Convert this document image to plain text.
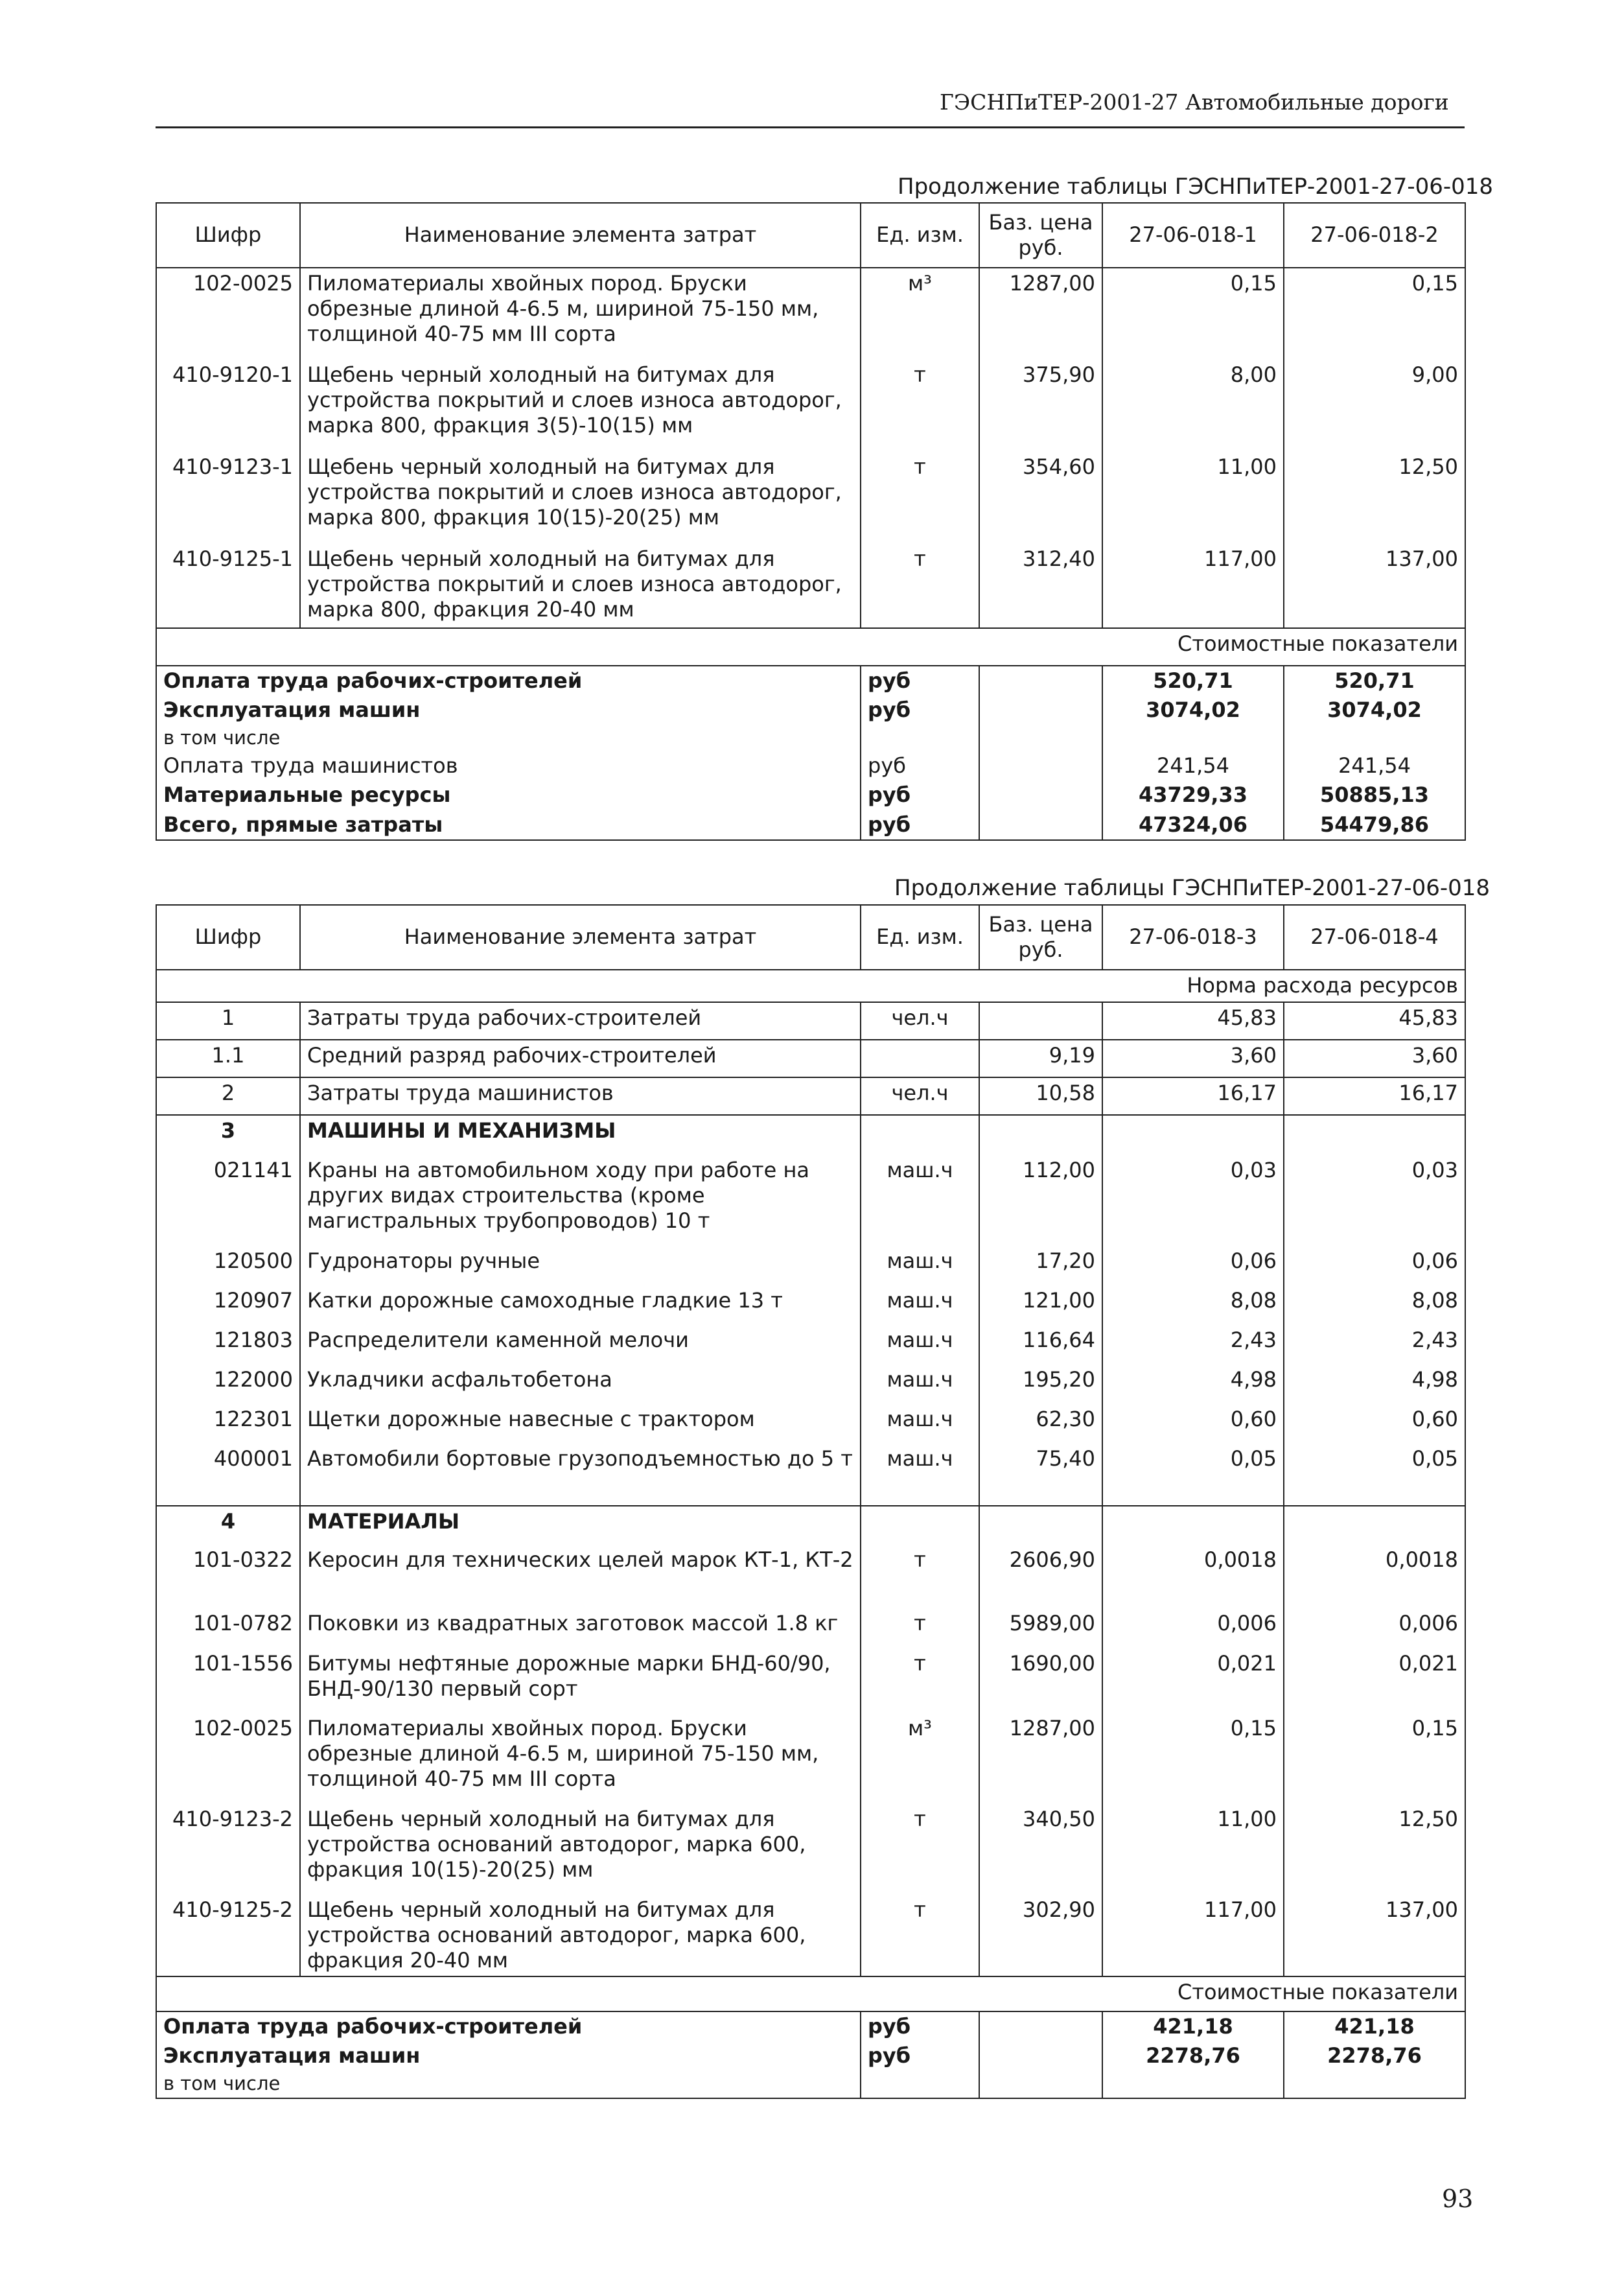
ГЭСНПиТЕР-2001-27 Автомобильные дороги
Продолжение таблицы ГЭСНПиТЕР-2001-27-06-018
Шифр	Наименование элемента затрат	Ед. изм.	Баз. цена руб.	27-06-018-1	27-06-018-2
102-0025	Пиломатериалы хвойных пород. Бруски обрезные длиной 4-6.5 м, шириной 75-150 мм, толщиной 40-75 мм III сорта	м³	1287,00	0,15	0,15
410-9120-1	Щебень черный холодный на битумах для устройства покрытий и слоев износа автодорог, марка 800, фракция 3(5)-10(15) мм	т	375,90	8,00	9,00
410-9123-1	Щебень черный холодный на битумах для устройства покрытий и слоев износа автодорог, марка 800, фракция 10(15)-20(25) мм	т	354,60	11,00	12,50
410-9125-1	Щебень черный холодный на битумах для устройства покрытий и слоев износа автодорог, марка 800, фракция 20-40 мм	т	312,40	117,00	137,00
Стоимостные показатели					
Оплата труда рабочих-строителей		руб		520,71	520,71
Эксплуатация машин		руб		3074,02	3074,02
в том числе					
Оплата труда машинистов		руб		241,54	241,54
Материальные ресурсы		руб		43729,33	50885,13
Всего, прямые затраты		руб		47324,06	54479,86
Продолжение таблицы ГЭСНПиТЕР-2001-27-06-018
Шифр	Наименование элемента затрат	Ед. изм.	Баз. цена руб.	27-06-018-3	27-06-018-4
Норма расхода ресурсов					
1	Затраты труда рабочих-строителей	чел.ч		45,83	45,83
1.1	Средний разряд рабочих-строителей		9,19	3,60	3,60
2	Затраты труда машинистов	чел.ч	10,58	16,17	16,17
3	МАШИНЫ И МЕХАНИЗМЫ				
021141	Краны на автомобильном ходу при работе на других видах строительства (кроме магистральных трубопроводов) 10 т	маш.ч	112,00	0,03	0,03
120500	Гудронаторы ручные	маш.ч	17,20	0,06	0,06
120907	Катки дорожные самоходные гладкие 13 т	маш.ч	121,00	8,08	8,08
121803	Распределители каменной мелочи	маш.ч	116,64	2,43	2,43
122000	Укладчики асфальтобетона	маш.ч	195,20	4,98	4,98
122301	Щетки дорожные навесные с трактором	маш.ч	62,30	0,60	0,60
400001	Автомобили бортовые грузоподъемностью до 5 т	маш.ч	75,40	0,05	0,05
4	МАТЕРИАЛЫ				
101-0322	Керосин для технических целей марок КТ-1, КТ-2	т	2606,90	0,0018	0,0018
101-0782	Поковки из квадратных заготовок массой 1.8 кг	т	5989,00	0,006	0,006
101-1556	Битумы нефтяные дорожные марки БНД-60/90, БНД-90/130 первый сорт	т	1690,00	0,021	0,021
102-0025	Пиломатериалы хвойных пород. Бруски обрезные длиной 4-6.5 м, шириной 75-150 мм, толщиной 40-75 мм III сорта	м³	1287,00	0,15	0,15
410-9123-2	Щебень черный холодный на битумах для устройства оснований автодорог, марка 600, фракция 10(15)-20(25) мм	т	340,50	11,00	12,50
410-9125-2	Щебень черный холодный на битумах для устройства оснований автодорог, марка 600, фракция 20-40 мм	т	302,90	117,00	137,00
Стоимостные показатели					
Оплата труда рабочих-строителей		руб		421,18	421,18
Эксплуатация машин		руб		2278,76	2278,76
в том числе					
93
